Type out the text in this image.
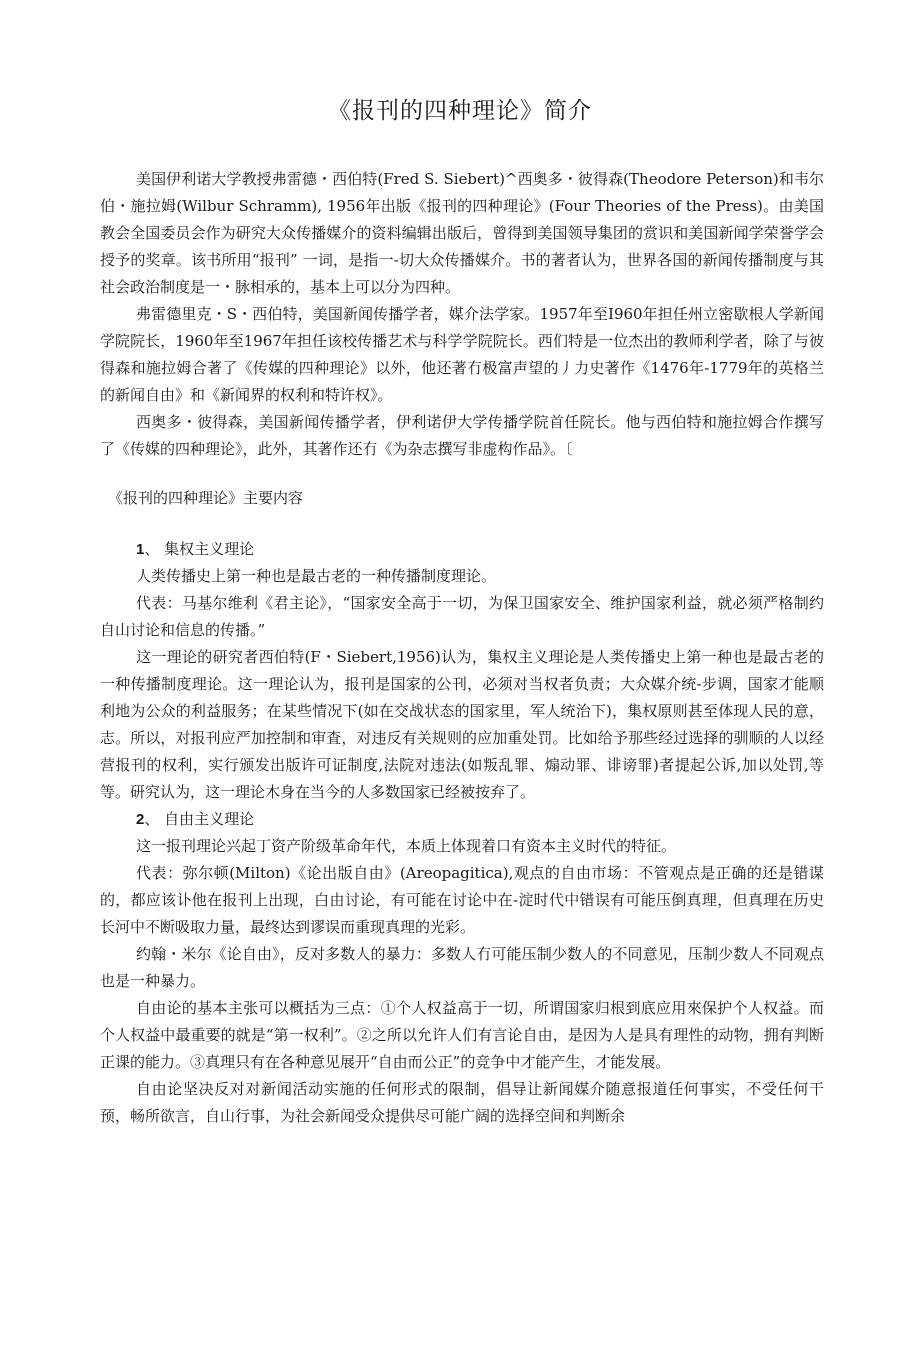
《报刊的四种理论》简介

美国伊利诺大学教授弗雷德・西伯特(Fred S. Siebert)^西奥多・彼得森(Theodore Peterson)和韦尔伯・施拉姆(Wilbur Schramm), 1956年出版《报刊的四种理论》(Four Theories of the Press)。由美国教会全国委员会作为研究大众传播媒介的资料编辑出版后，曾得到美国领导集团的赏识和美国新闻学荣誉学会授予的奖章。该书所用“报刊” 一词，是指一-切大众传播媒介。书的著者认为，世界各国的新闻传播制度与其社会政治制度是一・脉相承的，基本上可以分为四种。

弗雷德里克・S・西伯特，美国新闻传播学者，媒介法学家。1957年至I960年担任州立密歇根人学新闻学院院长，1960年至1967年担任该校传播艺术与科学学院院长。西们特是一位杰出的教师利学者，除了与彼得森和施拉姆合著了《传媒的四种理论》以外，他还著冇极富声望的丿力史著作《1476年-1779年的英格兰的新闻自由》和《新闻界的权利和特许权》。

西奥多・彼得森，美国新闻传播学者，伊利诺伊大学传播学院首任院长。他与西伯特和施拉姆合作撰写了《传媒的四种理论》，此外，其著作还冇《为杂志撰写非虚构作品》。〔

《报刊的四种理论》主要内容

1、 集权主义理论

人类传播史上第一种也是最古老的一种传播制度理论。

代表：马基尔维利《君主论》，“国家安全高于一切，为保卫国家安全、维护国家利益，就必须严格制约自山讨论和信息的传播。”

这一理论的研究者西伯特(F・Siebert,1956)认为，集权主义理论是人类传播史上第一种也是最古老的一种传播制度理论。这一理论认为，报刊是国家的公刊，必须对当权者负责；大众媒介统-步调，国家才能顺利地为公众的利益服务；在某些情况下(如在交战状态的国家里，军人统治下)，集权原则甚至体现人民的意，志。所以，对报刊应严加控制和审査，对违反有关规则的应加重处罚。比如给予那些经过选择的驯顺的人以经营报刊的权利，实行颁发出版许可证制度,法院对违法(如叛乱罪、煽动罪、诽谤罪)者提起公诉,加以处罚,等等。研究认为，这一理论木身在当今的人多数国家已经被按弃了。

2、 自由主义理论

这一报刊理论兴起丁资产阶级革命年代，本质上体现着口有资本主义时代的特征。

代表：弥尔顿(Milton)《论出版自由》(Areopagitica),观点的自由市场：不管观点是正确的还是错谋的，都应该讣他在报刊上出现，白由讨论，有可能在讨论中在-淀时代中错误有可能压倒真理，但真理在历史长河中不断吸取力量，最终达到谬误而重现真理的光彩。

约翰・米尔《论自由》，反对多数人的暴力：多数人冇可能压制少数人的不同意见，压制少数人不同观点也是一种暴力。

自由论的基本主张可以概括为三点：①个人权益高于一切，所谓国家归根到底应用來保护个人权益。而个人权益中最重要的就是“第一权利”。②之所以允许人们有言论自由，是因为人是具有理性的动物，拥有判断正课的能力。③真理只有在各种意见展开“自由而公正”的竞争中才能产生，才能发展。

自由论坚决反对对新闻活动实施的任何形式的限制，倡导让新闻媒介随意报道任何事实，不受任何干预，畅所欲言，自山行事，为社会新闻受众提供尽可能广阔的选择空间和判断余
